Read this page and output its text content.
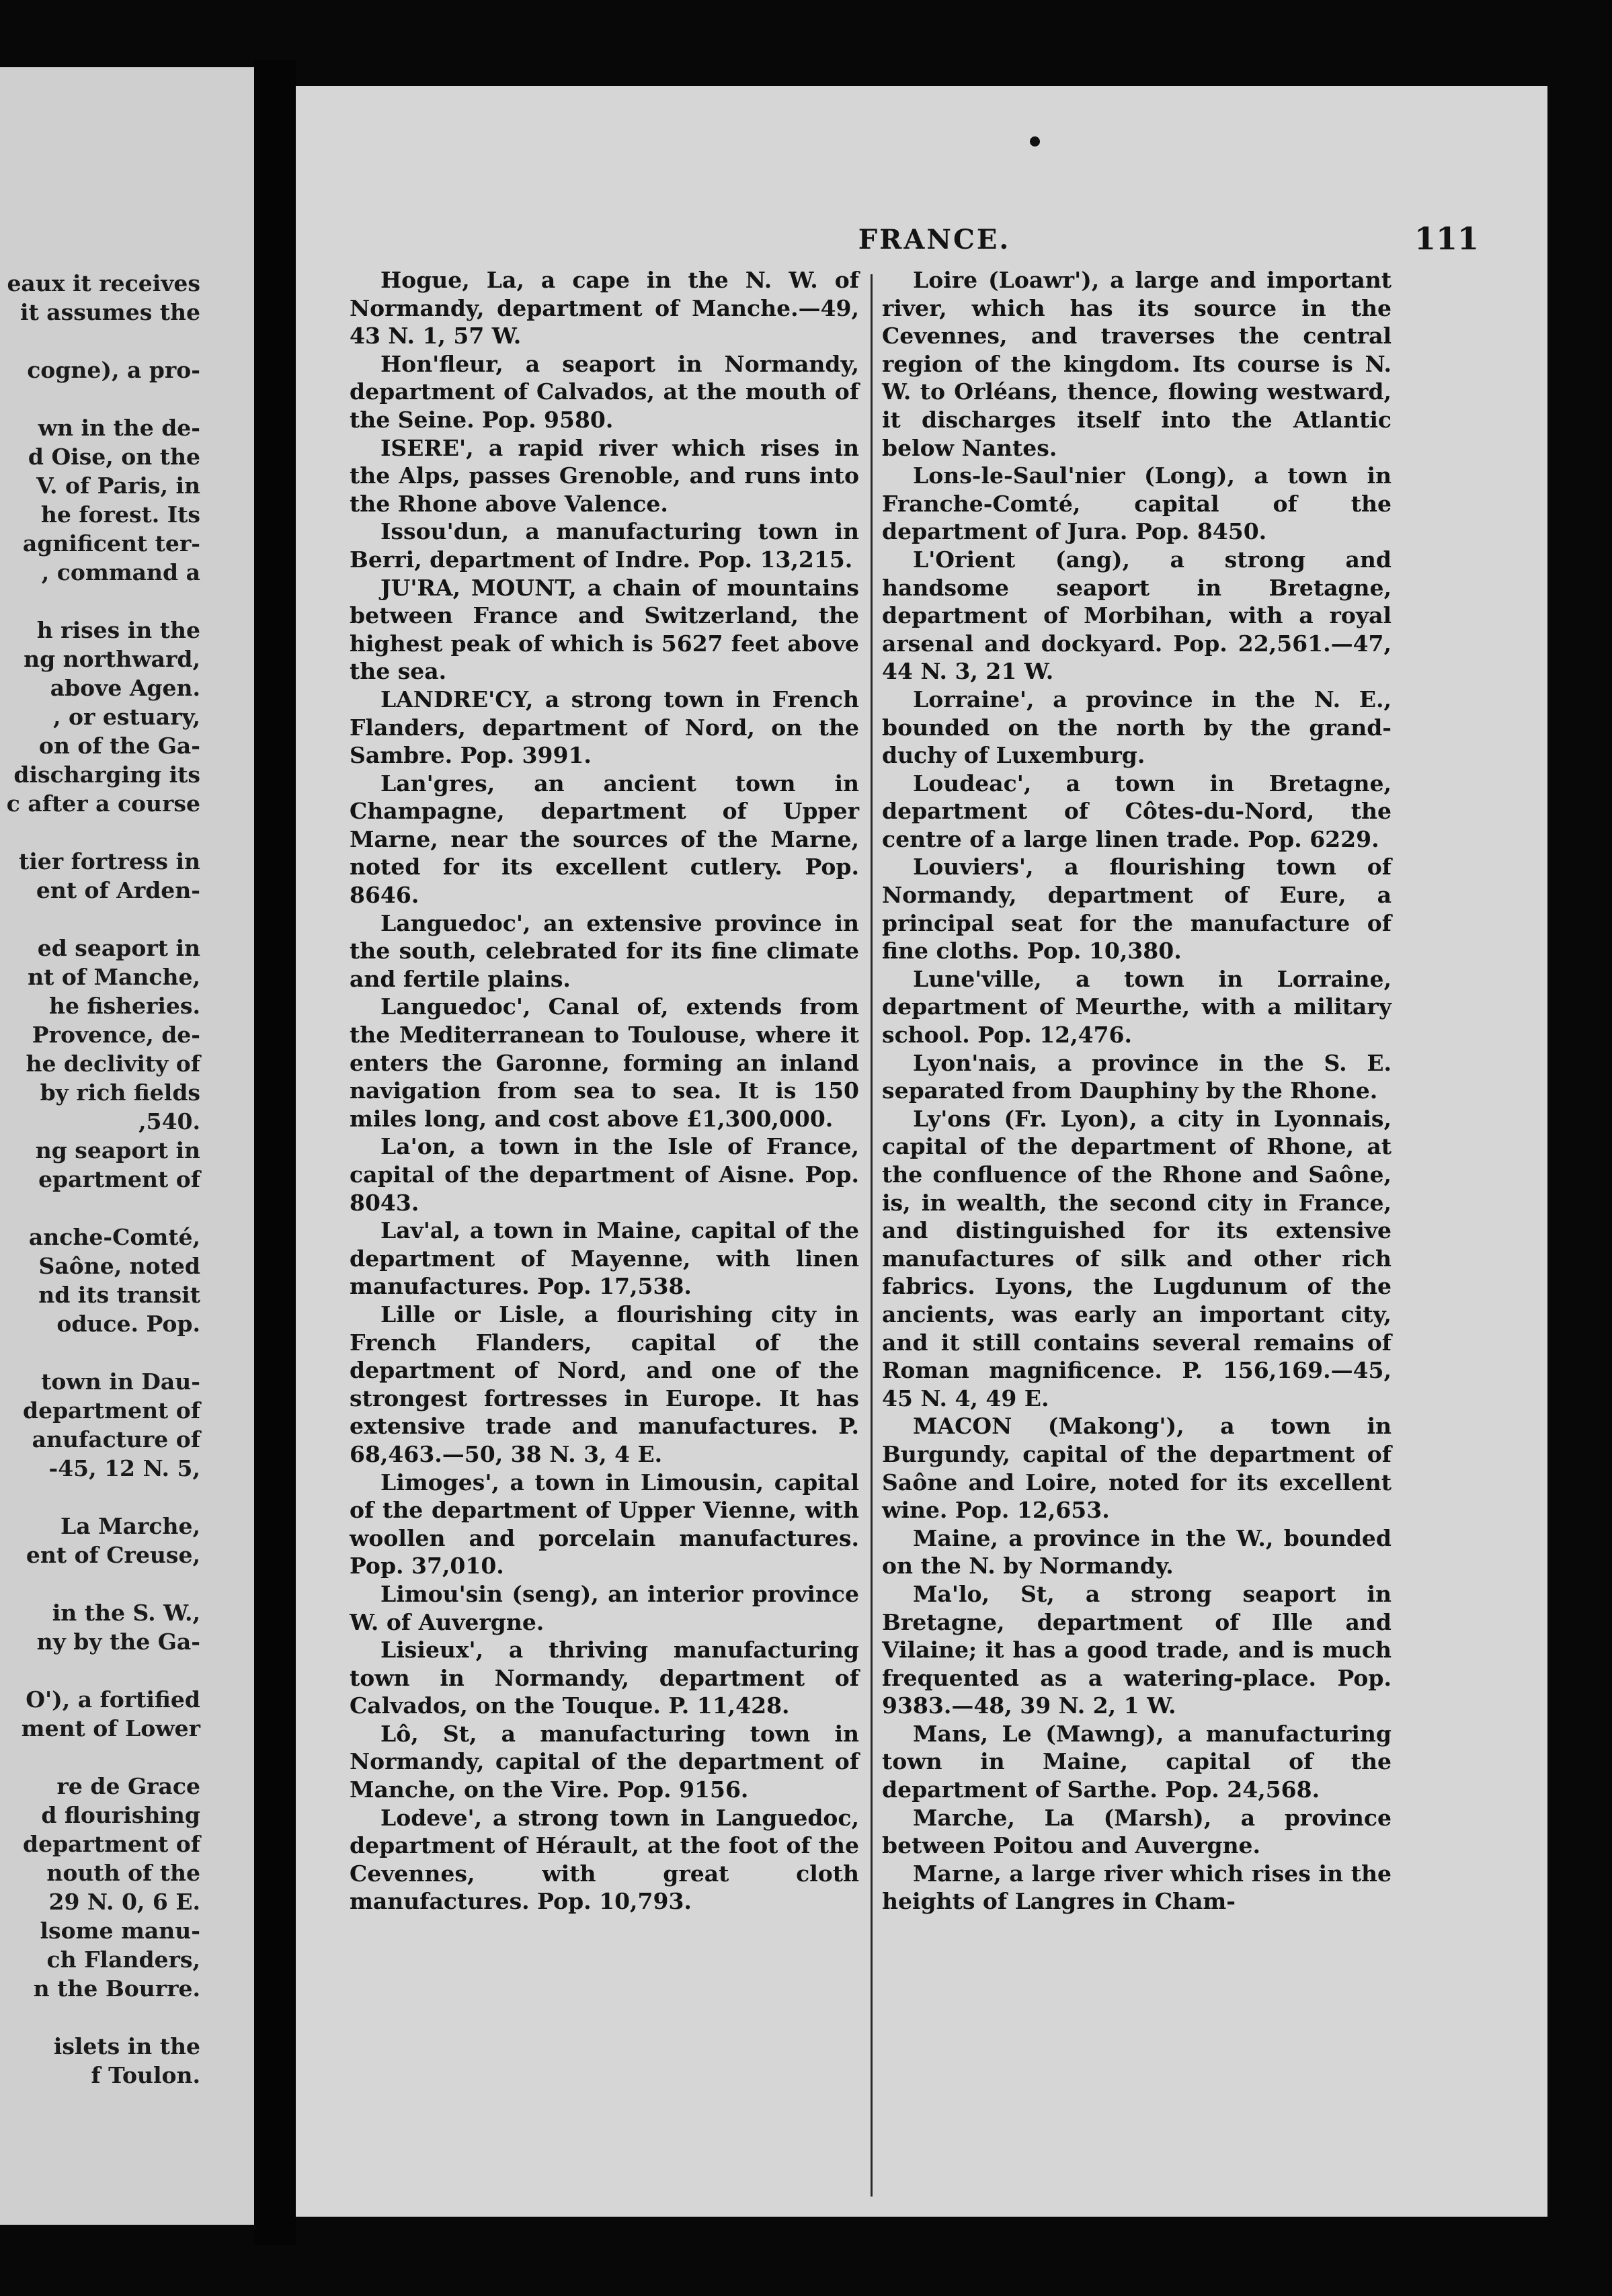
eaux it receives
it assumes the

cogne), a pro-

wn in the de-
d Oise, on the
V. of Paris, in
he forest. Its
agnificent ter-
, command a

h rises in the
ng northward,
above Agen.
, or estuary,
on of the Ga-
discharging its
c after a course

tier fortress in
ent of Arden-

ed seaport in
nt of Manche,
he fisheries.
Provence, de-
he declivity of
by rich fields
,540.
ng seaport in
epartment of

anche-Comté,
Saône, noted
nd its transit
oduce. Pop.

town in Dau-
department of
anufacture of
-45, 12 N. 5,

La Marche,
ent of Creuse,

in the S. W.,
ny by the Ga-

O'), a fortified
ment of Lower

re de Grace
d flourishing
department of
nouth of the
29 N. 0, 6 E.
lsome manu-
ch Flanders,
n the Bourre.

islets in the
f Toulon.
FRANCE.	111

Hogue, La, a cape in the N. W. of Normandy, department of Manche.—49, 43 N. 1, 57 W.

Hon'fleur, a seaport in Normandy, department of Calvados, at the mouth of the Seine. Pop. 9580.

ISERE', a rapid river which rises in the Alps, passes Grenoble, and runs into the Rhone above Valence.

Issou'dun, a manufacturing town in Berri, department of Indre. Pop. 13,215.

JU'RA, MOUNT, a chain of mountains between France and Switzerland, the highest peak of which is 5627 feet above the sea.

LANDRE'CY, a strong town in French Flanders, department of Nord, on the Sambre. Pop. 3991.

Lan'gres, an ancient town in Champagne, department of Upper Marne, near the sources of the Marne, noted for its excellent cutlery. Pop. 8646.

Languedoc', an extensive province in the south, celebrated for its fine climate and fertile plains.

Languedoc', Canal of, extends from the Mediterranean to Toulouse, where it enters the Garonne, forming an inland navigation from sea to sea. It is 150 miles long, and cost above £1,300,000.

La'on, a town in the Isle of France, capital of the department of Aisne. Pop. 8043.

Lav'al, a town in Maine, capital of the department of Mayenne, with linen manufactures. Pop. 17,538.

Lille or Lisle, a flourishing city in French Flanders, capital of the department of Nord, and one of the strongest fortresses in Europe. It has extensive trade and manufactures. P. 68,463.—50, 38 N. 3, 4 E.

Limoges', a town in Limousin, capital of the department of Upper Vienne, with woollen and porcelain manufactures. Pop. 37,010.

Limou'sin (seng), an interior province W. of Auvergne.

Lisieux', a thriving manufacturing town in Normandy, department of Calvados, on the Touque. P. 11,428.

Lô, St, a manufacturing town in Normandy, capital of the department of Manche, on the Vire. Pop. 9156.

Lodeve', a strong town in Languedoc, department of Hérault, at the foot of the Cevennes, with great cloth manufactures. Pop. 10,793.

Loire (Loawr'), a large and important river, which has its source in the Cevennes, and traverses the central region of the kingdom. Its course is N. W. to Orléans, thence, flowing westward, it discharges itself into the Atlantic below Nantes.

Lons-le-Saul'nier (Long), a town in Franche-Comté, capital of the department of Jura. Pop. 8450.

L'Orient (ang), a strong and handsome seaport in Bretagne, department of Morbihan, with a royal arsenal and dockyard. Pop. 22,561.—47, 44 N. 3, 21 W.

Lorraine', a province in the N. E., bounded on the north by the grand-duchy of Luxemburg.

Loudeac', a town in Bretagne, department of Côtes-du-Nord, the centre of a large linen trade. Pop. 6229.

Louviers', a flourishing town of Normandy, department of Eure, a principal seat for the manufacture of fine cloths. Pop. 10,380.

Lune'ville, a town in Lorraine, department of Meurthe, with a military school. Pop. 12,476.

Lyon'nais, a province in the S. E. separated from Dauphiny by the Rhone.

Ly'ons (Fr. Lyon), a city in Lyonnais, capital of the department of Rhone, at the confluence of the Rhone and Saône, is, in wealth, the second city in France, and distinguished for its extensive manufactures of silk and other rich fabrics. Lyons, the Lugdunum of the ancients, was early an important city, and it still contains several remains of Roman magnificence. P. 156,169.—45, 45 N. 4, 49 E.

MACON (Makong'), a town in Burgundy, capital of the department of Saône and Loire, noted for its excellent wine. Pop. 12,653.

Maine, a province in the W., bounded on the N. by Normandy.

Ma'lo, St, a strong seaport in Bretagne, department of Ille and Vilaine; it has a good trade, and is much frequented as a watering-place. Pop. 9383.—48, 39 N. 2, 1 W.

Mans, Le (Mawng), a manufacturing town in Maine, capital of the department of Sarthe. Pop. 24,568.

Marche, La (Marsh), a province between Poitou and Auvergne.

Marne, a large river which rises in the heights of Langres in Cham-
